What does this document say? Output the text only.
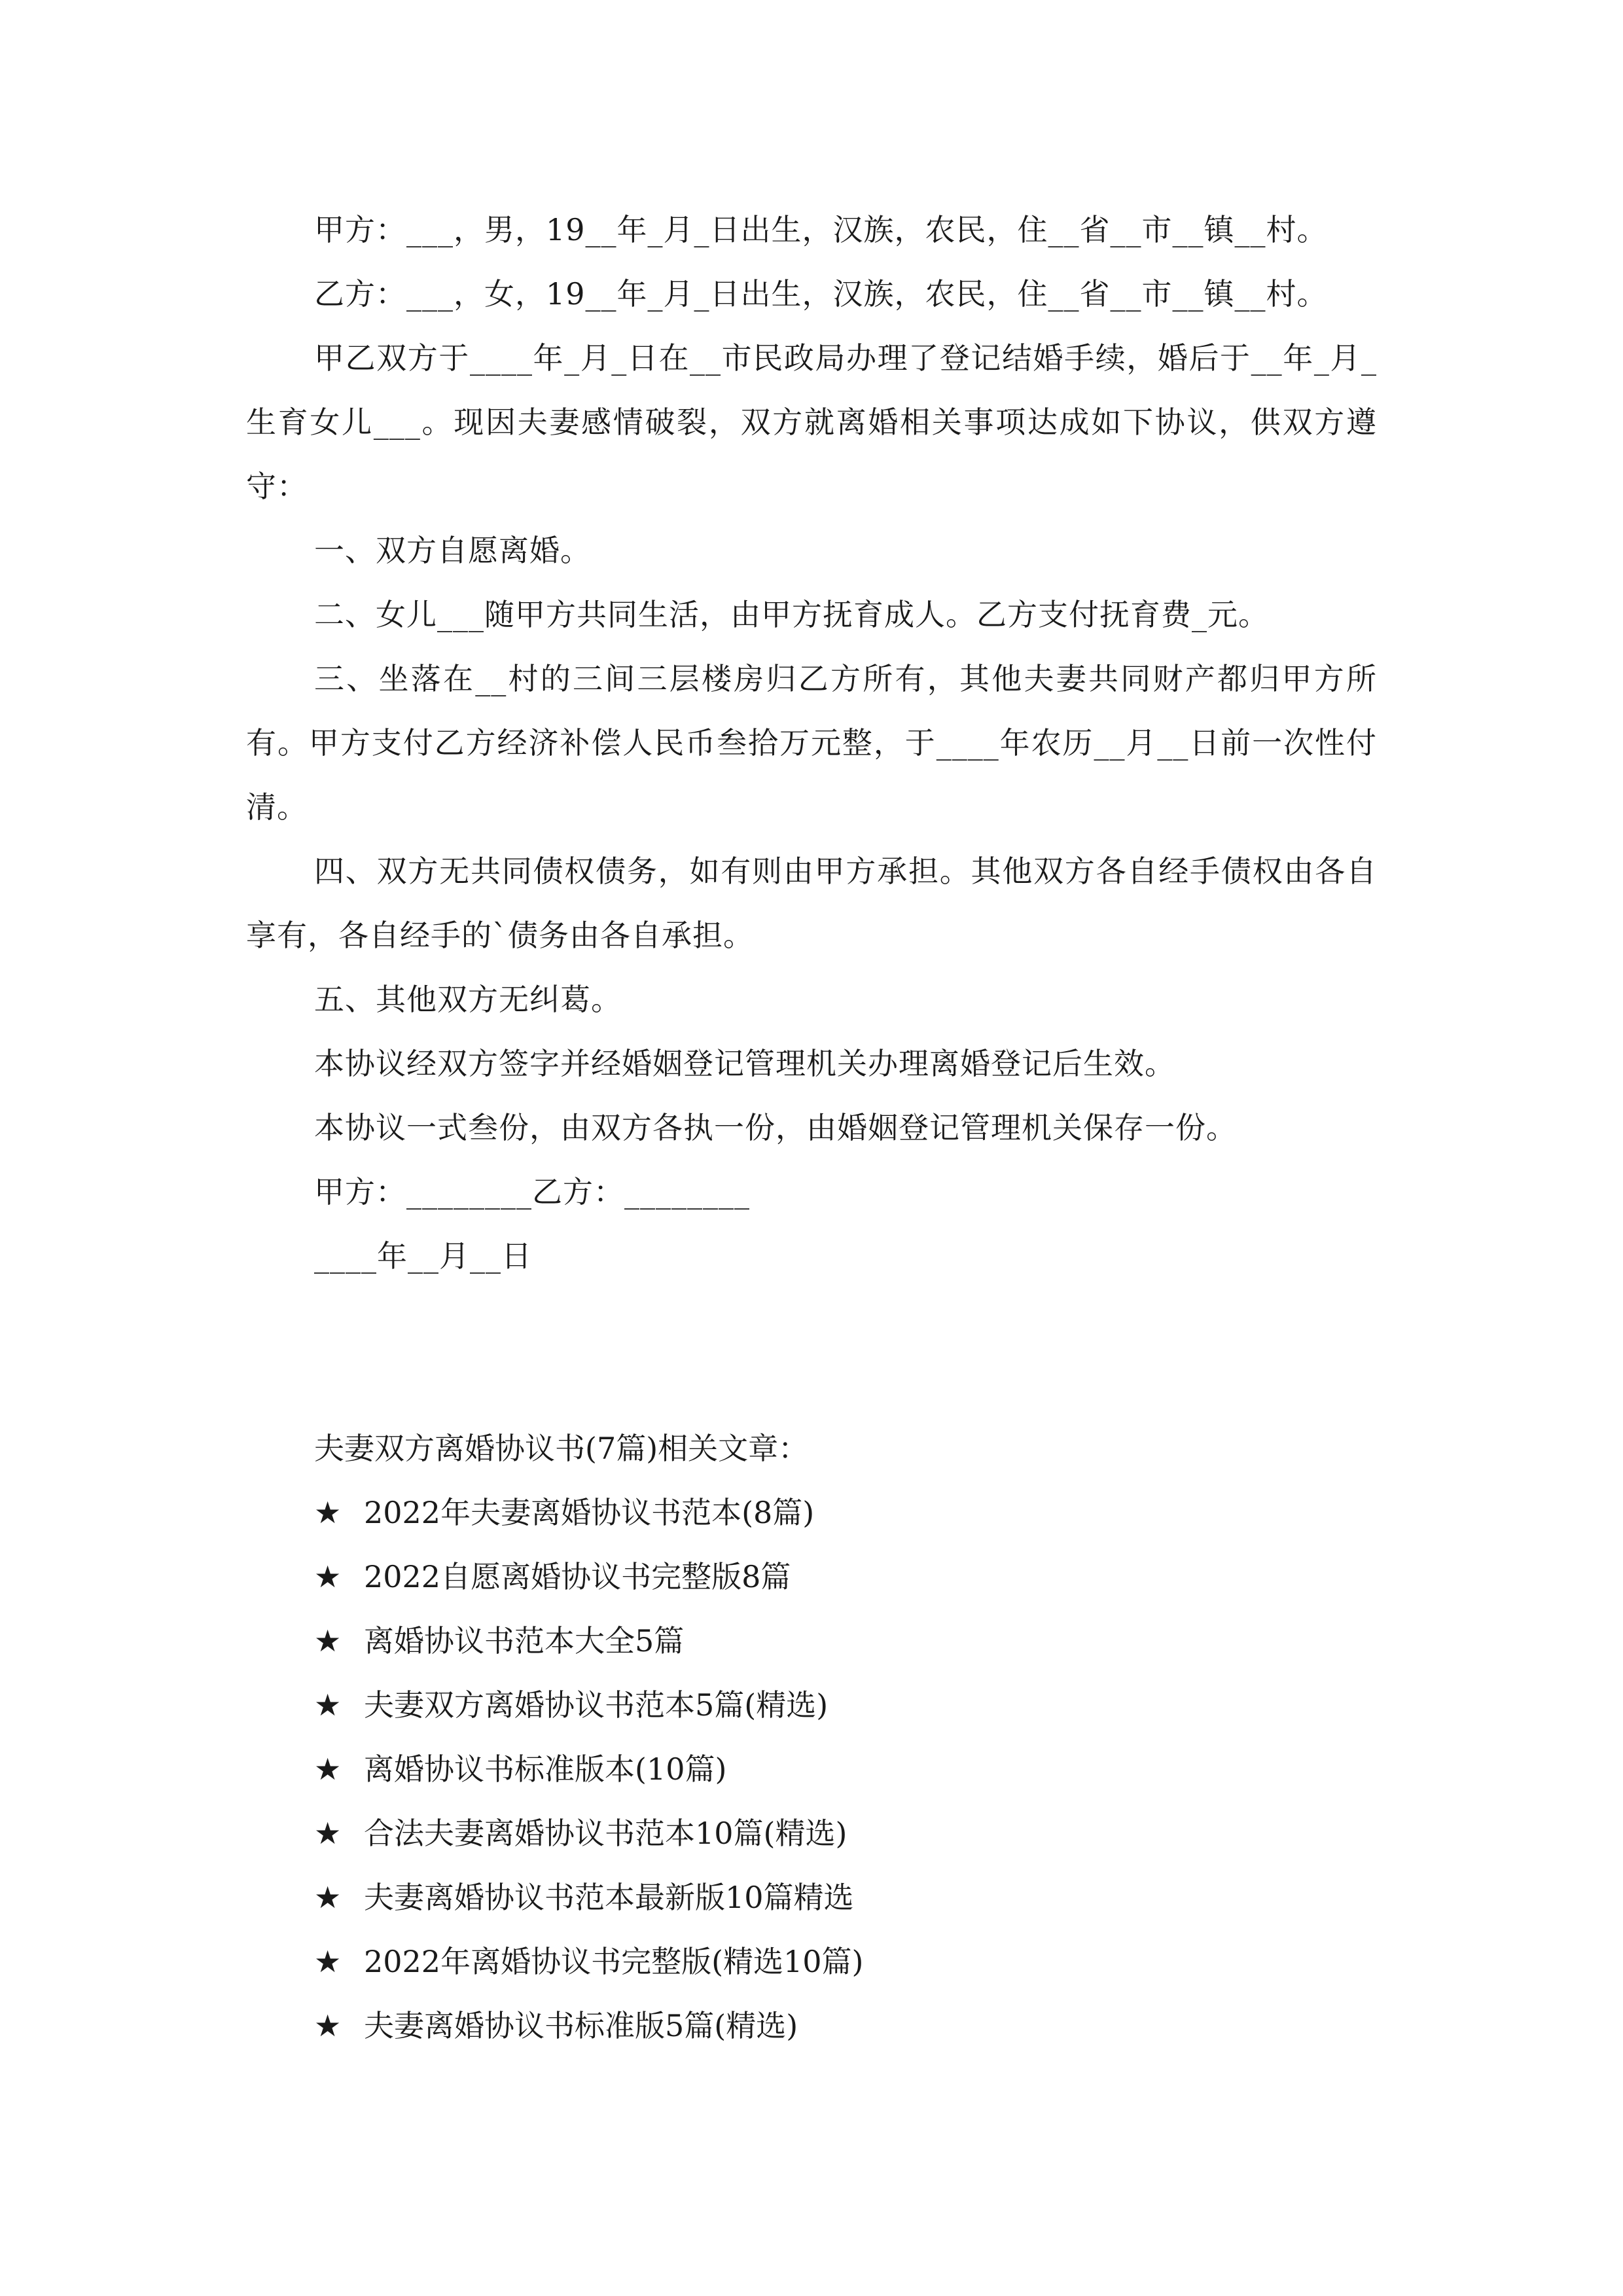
甲方：___，男，19__年_月_日出生，汉族，农民，住__省__市__镇__村。

乙方：___，女，19__年_月_日出生，汉族，农民，住__省__市__镇__村。

甲乙双方于____年_月_日在__市民政局办理了登记结婚手续，婚后于__年_月_生育女儿___。现因夫妻感情破裂，双方就离婚相关事项达成如下协议，供双方遵守：

一、双方自愿离婚。

二、女儿___随甲方共同生活，由甲方抚育成人。乙方支付抚育费_元。

三、坐落在__村的三间三层楼房归乙方所有，其他夫妻共同财产都归甲方所有。甲方支付乙方经济补偿人民币叁拾万元整，于____年农历__月__日前一次性付清。

四、双方无共同债权债务，如有则由甲方承担。其他双方各自经手债权由各自享有，各自经手的`债务由各自承担。

五、其他双方无纠葛。

本协议经双方签字并经婚姻登记管理机关办理离婚登记后生效。

本协议一式叁份，由双方各执一份，由婚姻登记管理机关保存一份。

甲方：________乙方：________

____年__月__日

夫妻双方离婚协议书(7篇)相关文章：

★ 2022年夫妻离婚协议书范本(8篇)
★ 2022自愿离婚协议书完整版8篇
★ 离婚协议书范本大全5篇
★ 夫妻双方离婚协议书范本5篇(精选)
★ 离婚协议书标准版本(10篇)
★ 合法夫妻离婚协议书范本10篇(精选)
★ 夫妻离婚协议书范本最新版10篇精选
★ 2022年离婚协议书完整版(精选10篇)
★ 夫妻离婚协议书标准版5篇(精选)
